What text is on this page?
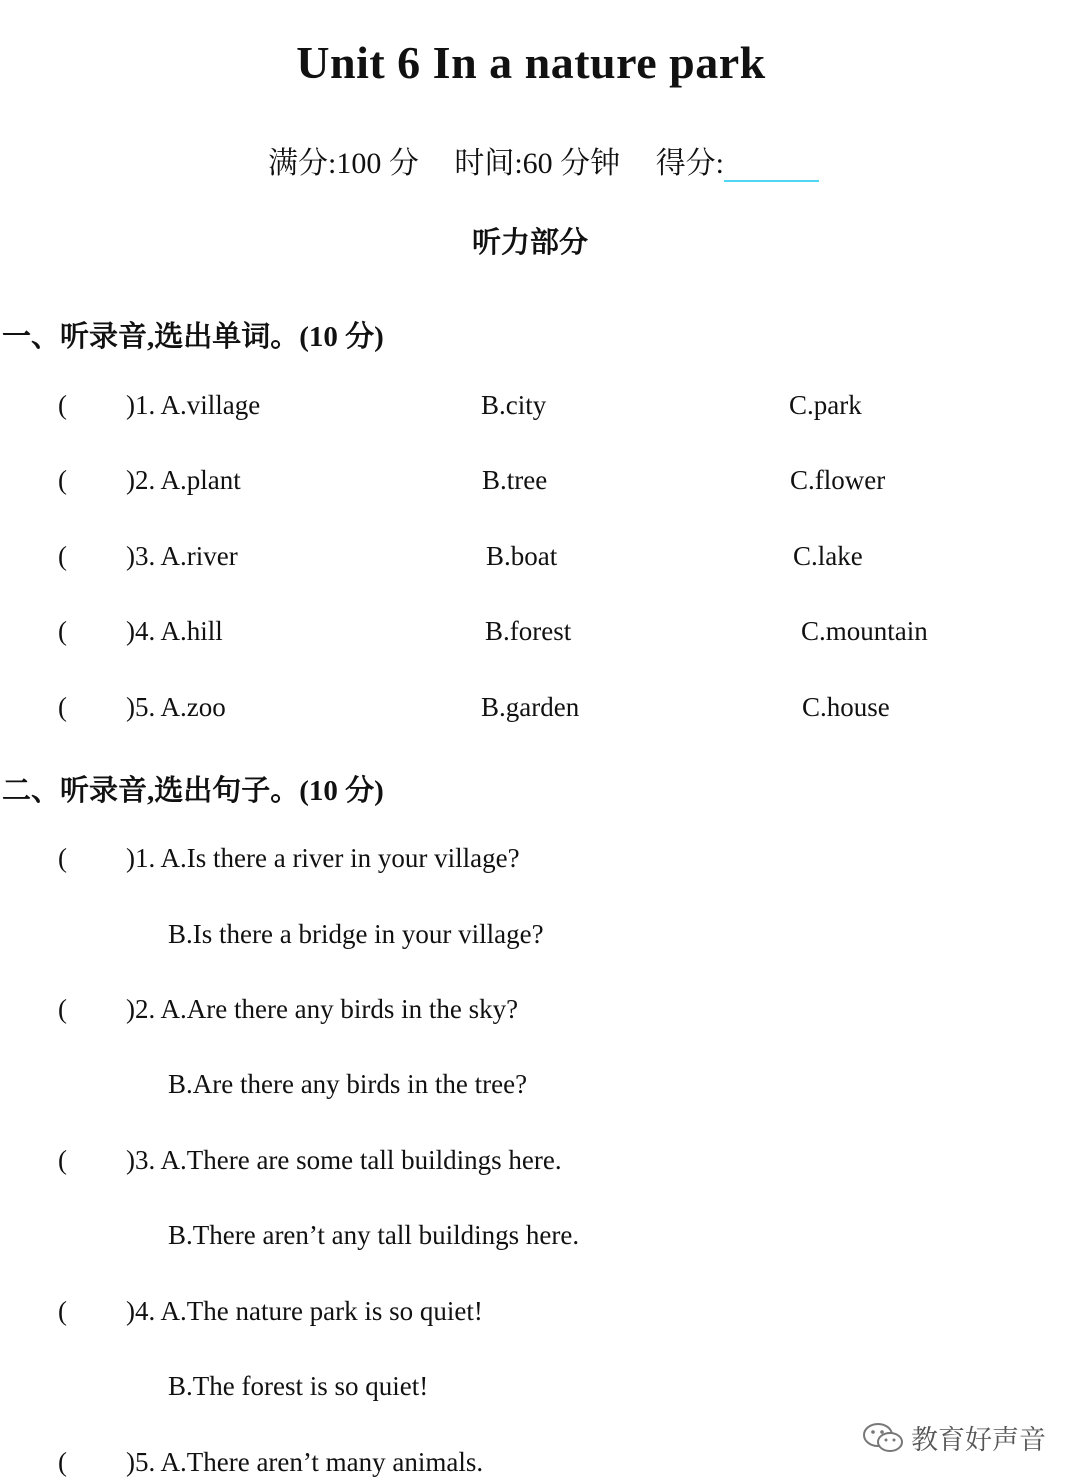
Unit 6 In a nature park
满分:100 分 时间:60 分钟 得分:
听力部分
一、听录音,选出单词。(10 分)
( )1. A.village	B.city	C.park
( )2. A.plant	B.tree	C.flower
( )3. A.river	B.boat	C.lake
( )4. A.hill	B.forest	C.mountain
( )5. A.zoo	B.garden	C.house
二、听录音,选出句子。(10 分)
( )1. A.Is there a river in your village?
B.Is there a bridge in your village?
( )2. A.Are there any birds in the sky?
B.Are there any birds in the tree?
( )3. A.There are some tall buildings here.
B.There aren’t any tall buildings here.
( )4. A.The nature park is so quiet!
B.The forest is so quiet!
( )5. A.There aren’t many animals.
教育好声音
